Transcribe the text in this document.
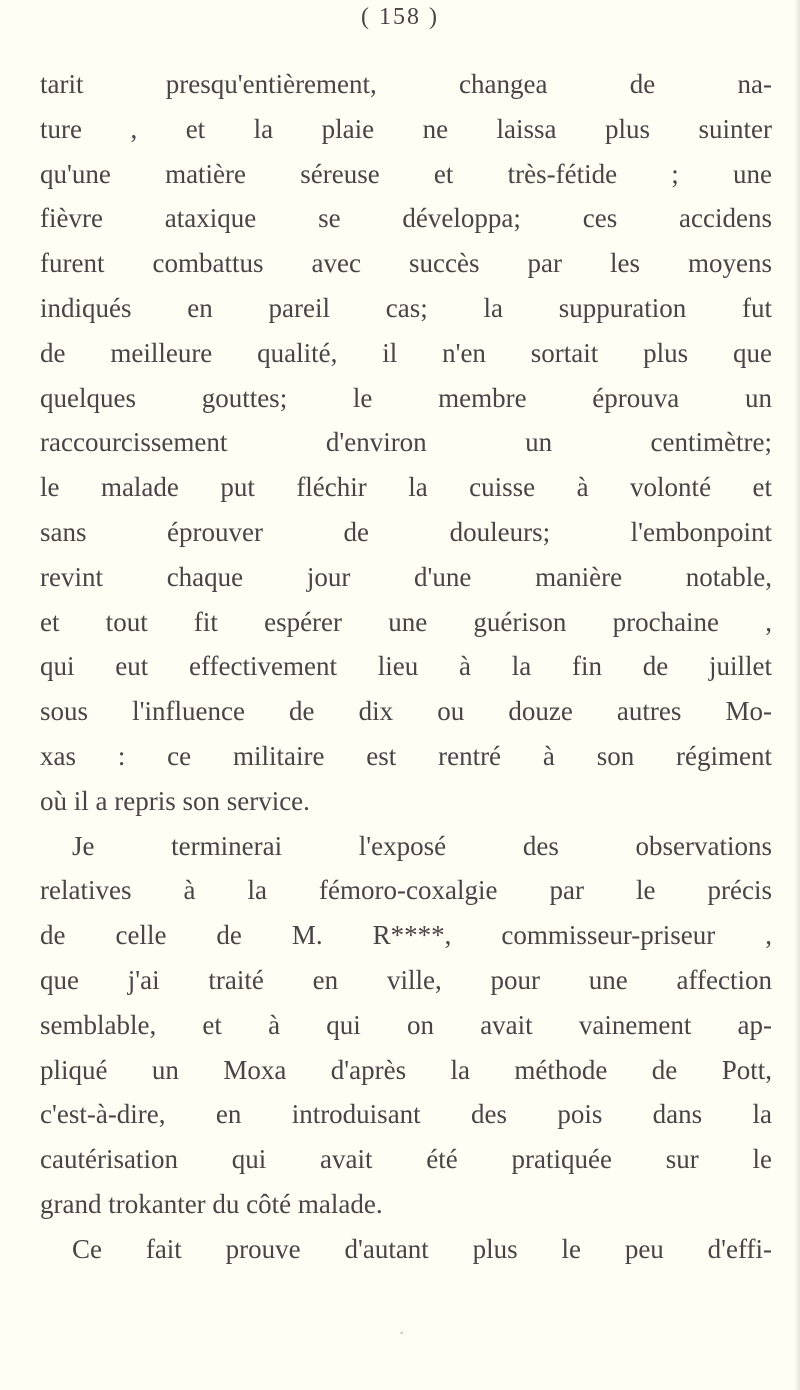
( 158 )
tarit presqu'entièrement, changea de na-
ture , et la plaie ne laissa plus suinter
qu'une matière séreuse et très-fétide ; une
fièvre ataxique se développa; ces accidens
furent combattus avec succès par les moyens
indiqués en pareil cas; la suppuration fut
de meilleure qualité, il n'en sortait plus que
quelques gouttes; le membre éprouva un
raccourcissement d'environ un centimètre;
le malade put fléchir la cuisse à volonté et
sans éprouver de douleurs; l'embonpoint
revint chaque jour d'une manière notable,
et tout fit espérer une guérison prochaine ,
qui eut effectivement lieu à la fin de juillet
sous l'influence de dix ou douze autres Mo-
xas : ce militaire est rentré à son régiment
où il a repris son service.
Je terminerai l'exposé des observations
relatives à la fémoro-coxalgie par le précis
de celle de M. R****, commisseur-priseur ,
que j'ai traité en ville, pour une affection
semblable, et à qui on avait vainement ap-
pliqué un Moxa d'après la méthode de Pott,
c'est-à-dire, en introduisant des pois dans la
cautérisation qui avait été pratiquée sur le
grand trokanter du côté malade.
Ce fait prouve d'autant plus le peu d'effi-
◦
